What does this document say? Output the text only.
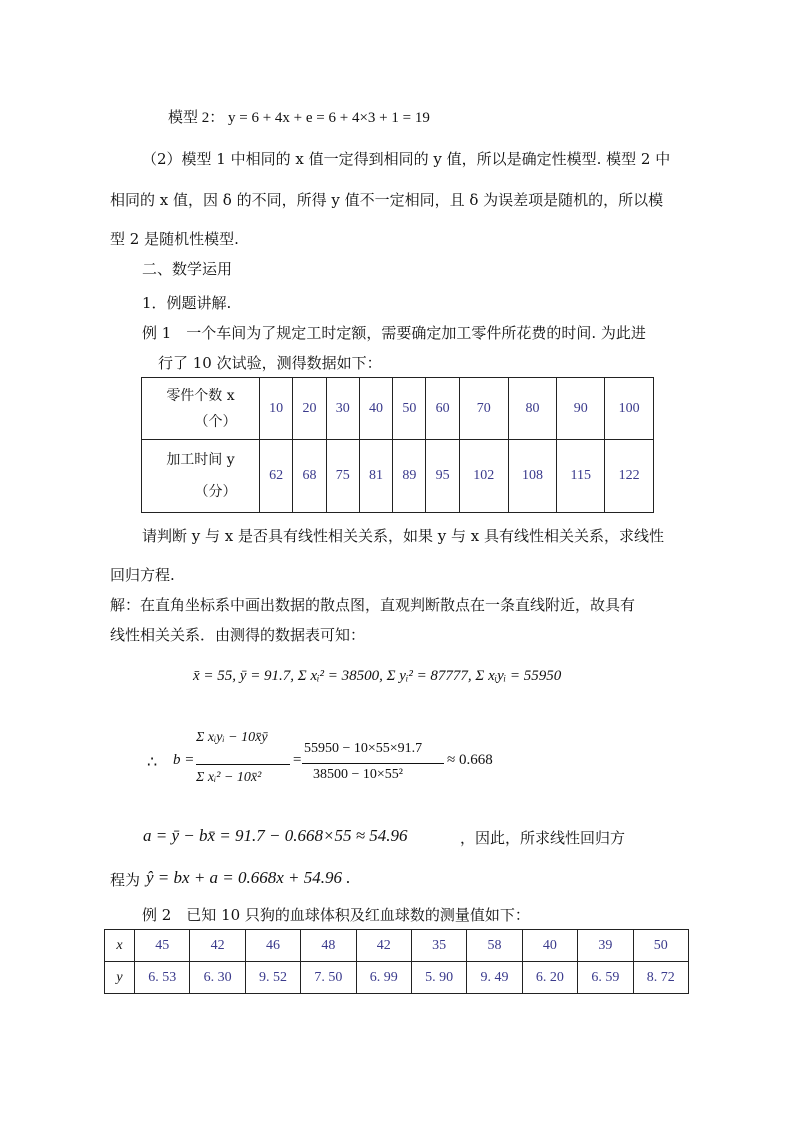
模型 2： y = 6 + 4x + e = 6 + 4×3 + 1 = 19
（2）模型 1 中相同的 x 值一定得到相同的 y 值，所以是确定性模型. 模型 2 中
相同的 x 值，因 δ 的不同，所得 y 值不一定相同，且 δ 为误差项是随机的，所以模
型 2 是随机性模型.
二、数学运用
1．例题讲解.
例 1　一个车间为了规定工时定额，需要确定加工零件所花费的时间. 为此进
行了 10 次试验，测得数据如下：
零件个数 x
（个）	10	20	30	40	50	60	70	80	90	100

加工时间 y
（分）	62	68	75	81	89	95	102	108	115	122
请判断 y 与 x 是否具有线性相关关系，如果 y 与 x 具有线性相关关系，求线性
回归方程.
解：在直角坐标系中画出数据的散点图，直观判断散点在一条直线附近，故具有
线性相关关系．由测得的数据表可知：
x̄ = 55, ȳ = 91.7, Σ xᵢ² = 38500, Σ yᵢ² = 87777, Σ xᵢyᵢ = 55950
∴ b =
Σ xᵢyᵢ − 10x̄ȳ
Σ xᵢ² − 10x̄²
=
55950 − 10×55×91.7
38500 − 10×55²
≈ 0.668
a = ȳ − bx̄ = 91.7 − 0.668×55 ≈ 54.96	，因此，所求线性回归方
程为 ŷ = bx + a = 0.668x + 54.96 .
例 2　已知 10 只狗的血球体积及红血球数的测量值如下：
x	45	42	46	48	42	35	58	40	39	50
y	6. 53	6. 30	9. 52	7. 50	6. 99	5. 90	9. 49	6. 20	6. 59	8. 72
